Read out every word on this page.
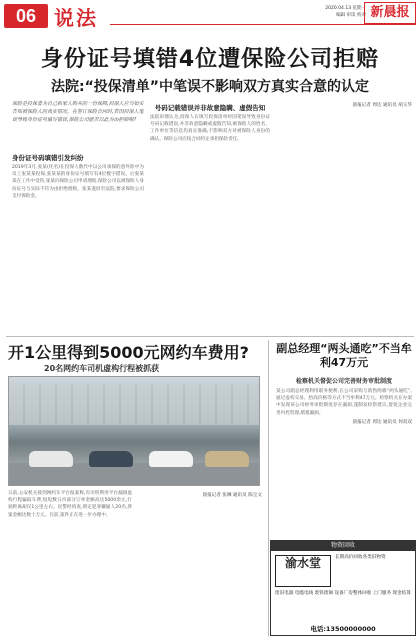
06 说法	2020.04.13 星期一
编辑 审读 校对 新晨报
身份证号填错4位遭保险公司拒赔
法院:“投保清单”中笔误不影响双方真实合意的认定
保险是投保者为自己和家人购买的一份保障,投保人应当如实告知被保险人的真实情况。在签订保险合同时,若因投保人笔误导致身份证号填写错误,保险公司能否以此为由拒赔呢?
身份证号码填错引发纠纷
2019年3月,张某(化名)在投保人数代中以公司承保的意外险中为员工张某某投保,张某某的身份证号填写有4位数字错误。后张某某在工作中受伤,张某向保险公司申请理赔,保险公司以被保险人身份证号与实际不符为由拒绝理赔。张某遂诉至法院,要求保险公司支付保险金。
号码记载错误并非故意隐瞒、虚假告知
法院审理认为,投保人在填写投保清单时因笔误导致身份证号码记载错误,并非故意隐瞒或虚假告知,被保险人的姓名、工作单位等信息均真实准确,不影响双方对被保险人身份的确认。保险公司应按合同约定承担保险责任。
晨报记者 周达 通讯员 胡玉华
开1公里得到5000元网约车费用?
20名网约车司机虚构行程被抓获
日前,公安机关接到网约车平台报案称,有司机利用平台漏洞虚构行程骗取车费,短短数日内部分订单金额高达5000余元,行驶距离却仅1公里左右。民警经侦查,锁定犯罪嫌疑人20名,涉案金额达数十万元。目前,案件正在进一步办理中。
晨报记者 张琳 通讯员 陈宝文
副总经理“两头通吃”不当牟利47万元
检察机关督促公司完善财务审批制度
某公司副总经理利用职务便利,在公司采购与销售两端“两头通吃”,通过虚构交易、抬高价格等方式不当牟利47万元。检察机关在办案中发现该公司财务审批制度存在漏洞,遂制发检察建议,督促企业完善内控管理,堵塞漏洞。
晨报记者 周达 通讯员 何双双
物资回收
渝水堂	长期高价回收各类旧物资
废旧电器 电缆电线 废铁废铜 设备厂房整体回收 上门服务 现金结算
电话:13500000000
